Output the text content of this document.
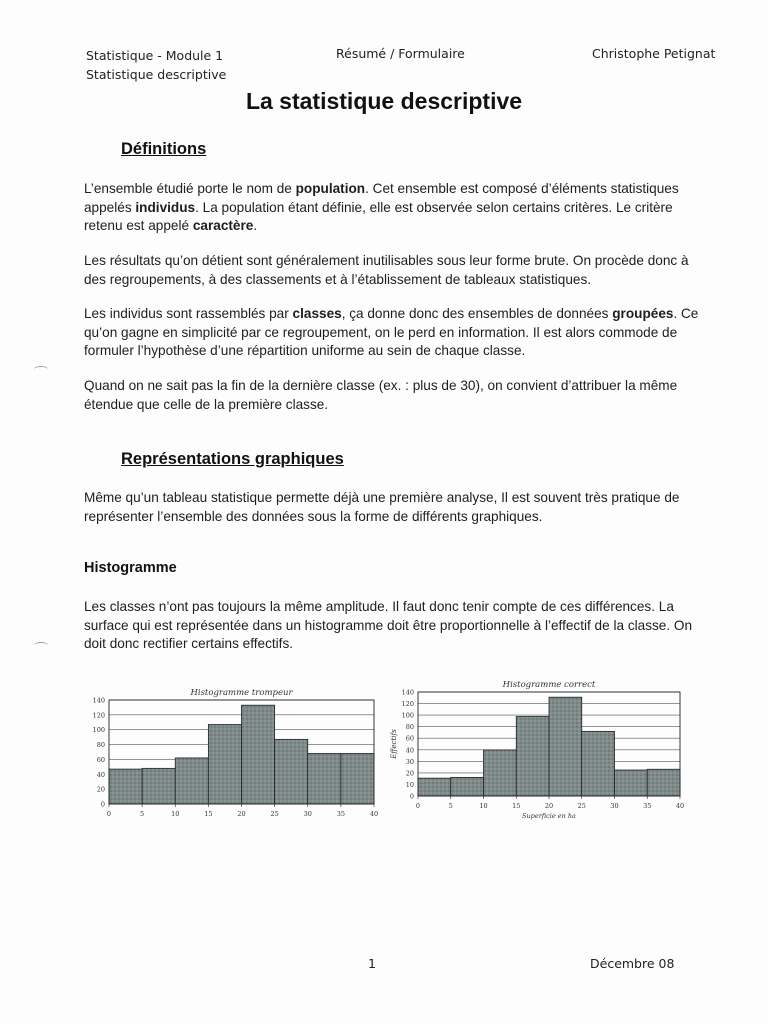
Statistique - Module 1
Statistique descriptive
Résumé / Formulaire	Christophe Petignat
La statistique descriptive
Définitions
L’ensemble étudié porte le nom de population. Cet ensemble est composé d’éléments statistiques appelés individus. La population étant définie, elle est observée selon certains critères. Le critère retenu est appelé caractère.
Les résultats qu’on détient sont généralement inutilisables sous leur forme brute. On procède donc à des regroupements, à des classements et à l’établissement de tableaux statistiques.
Les individus sont rassemblés par classes, ça donne donc des ensembles de données groupées. Ce qu’on gagne en simplicité par ce regroupement, on le perd en information. Il est alors commode de formuler l’hypothèse d’une répartition uniforme au sein de chaque classe.
Quand on ne sait pas la fin de la dernière classe (ex. : plus de 30), on convient d’attribuer la même étendue que celle de la première classe.
Représentations graphiques
Même qu’un tableau statistique permette déjà une première analyse, Il est souvent très pratique de représenter l’ensemble des données sous la forme de différents graphiques.
Histogramme
Les classes n’ont pas toujours la même amplitude. Il faut donc tenir compte de ces différences. La surface qui est représentée dans un histogramme doit être proportionnelle à l’effectif de la classe. On doit donc rectifier certains effectifs.
Histogramme trompeur
0
20
40
60
80
100
120
140
0	5	10	15	20	25	30	35	40
Histogramme correct
0
10
20
30
40
60
80
100
120
140
0	5	10	15	20	25	30	35	40
Superficie en ha
Effectifs
1	Décembre 08
